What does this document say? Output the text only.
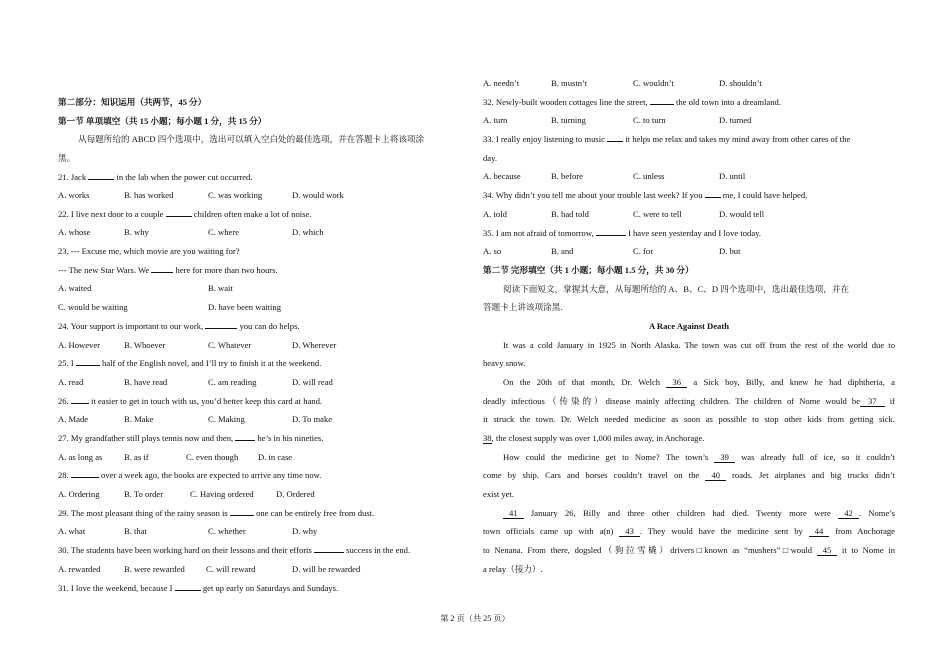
第二部分：知识运用（共两节，45 分）
第一节 单项填空（共 15 小题；每小题 1 分，共 15 分）
从每题所给的 ABCD 四个选项中，选出可以填入空白处的最佳选项，并在答题卡上将该项涂
黑。
21. Jack	in the lab when the power cut occurred.
A. works	B. has worked	C. was working	D. would work
22. I live next door to a couple	children often make a lot of noise.
A. whose	B. why	C. where	D. which
23. --- Excuse me, which movie are you waiting for?
--- The new Star Wars. We	here for more than two hours.
A. waited	B. wait
C. would be waiting	D. have been waiting
24. Your support is important to our work,	you can do helps.
A. However	B. Whoever	C. Whatever	D. Wherever
25. I	half of the English novel, and I’ll try to finish it at the weekend.
A. read	B. have read	C. am reading	D. will read
26.  it easier to get in touch with us, you’d better keep this card at hand.
A. Made	B. Make	C. Making	D. To make
27. My grandfather still plays tennis now and then,  he’s in his nineties.
A. as long as	B. as if	C. even though D. in case
28.	over a week ago, the books are expected to arrive any time now.
A. Ordering	B. To order	C. Having ordered	D. Ordered
29. The most pleasant thing of the rainy season is	one can be entirely free from dust.
A. what	B. that	C. whether	D. why
30. The students have been working hard on their lessons and their efforts	success in the end.
A. rewarded	B. were rewarded C. will reward	D. will be rewarded
31. I love the weekend, because I	get up early on Saturdays and Sundays.
A. needn’t	B. mustn’t	C. wouldn’t	D. shouldn’t
32. Newly-built wooden cottages line the street,	the old town into a dreamland.
A. turn	B. turning	C. to turn	D. turned
33. I really enjoy listening to music  it helps me relax and takes my mind away from other cares of the
day.
A. because	B. before	C. unless	D. until
34. Why didn’t you tell me about your trouble last week? If you  me, I could have helped.
A. told	B. had told	C. were to tell	D. would tell
35. I am not afraid of tomorrow,	I have seen yesterday and I love today.
A. so	B. and	C. for	D. but
第二节 完形填空（共 1 小题；每小题 1.5 分，共 30 分）
阅读下面短文，掌握其大意，从每题所给的 A、B、C、D 四个选项中，选出最佳选项，并在
答题卡上讲该项涂黑.
A Race Against Death
It was a cold January in 1925 in North Alaska. The town was cut off from the rest of the world due to
heavy snow.
On the 20th of that month, Dr. Welch 36 a Sick boy, Billy, and knew he had diphtheria, a
deadly infectious（传染的）disease mainly affecting children. The children of Nome would be 37 if
it struck the town. Dr. Welch needed medicine as soon as possible to stop other kids from getting sick.
38, the closest supply was over 1,000 miles away, in Anchorage.
How could the medicine get to Nome? The town’s 39 was already full of ice, so it couldn’t
come by ship. Cars and horses couldn’t travel on the 40 roads. Jet airplanes and big trucks didn’t
exist yet.
41 January 26, Billy and three other children had died. Twenty more were 42 . Nome’s
town officials came up with a(n) 43 . They would have the medicine sent by 44 from Anchorage
to Nenana. From there, dogsled（狗拉雪橇）drivers□known as “mushers”□would 45 it to Nome in
a relay（接力）.
第 2 页（共 25 页）
